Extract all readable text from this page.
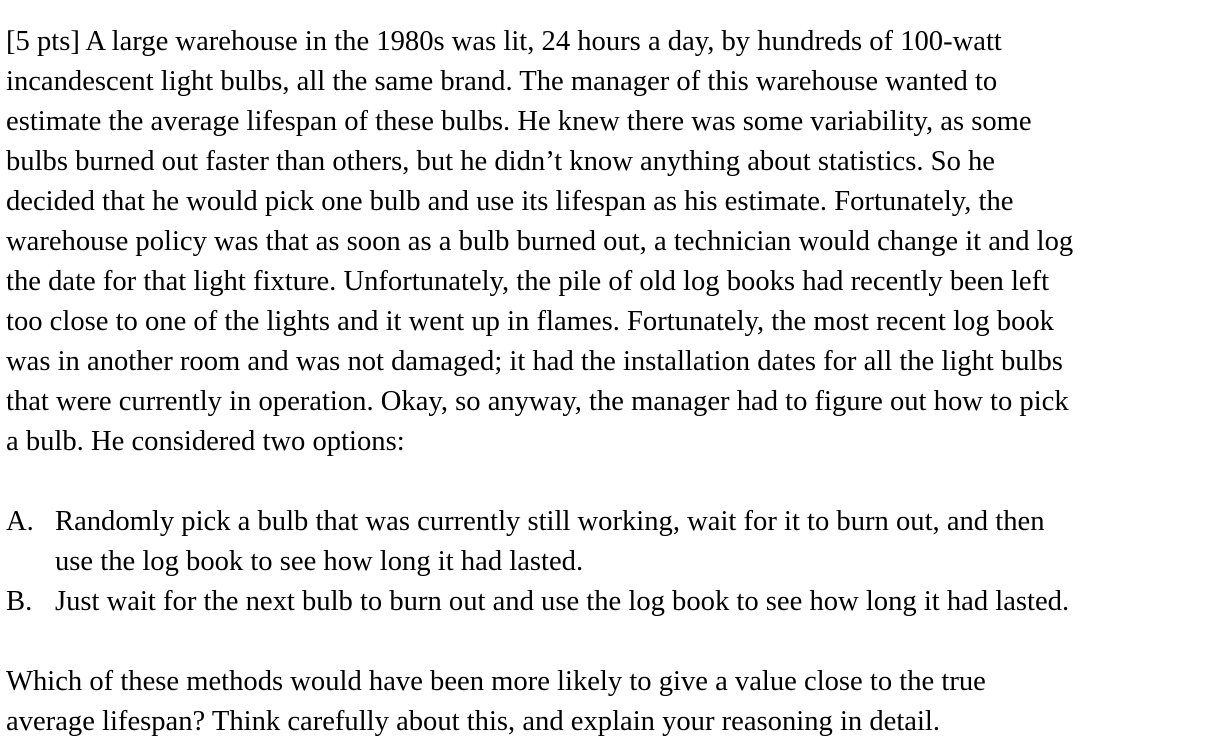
[5 pts] A large warehouse in the 1980s was lit, 24 hours a day, by hundreds of 100-watt
incandescent light bulbs, all the same brand. The manager of this warehouse wanted to
estimate the average lifespan of these bulbs. He knew there was some variability, as some
bulbs burned out faster than others, but he didn’t know anything about statistics. So he
decided that he would pick one bulb and use its lifespan as his estimate. Fortunately, the
warehouse policy was that as soon as a bulb burned out, a technician would change it and log
the date for that light fixture. Unfortunately, the pile of old log books had recently been left
too close to one of the lights and it went up in flames. Fortunately, the most recent log book
was in another room and was not damaged; it had the installation dates for all the light bulbs
that were currently in operation. Okay, so anyway, the manager had to figure out how to pick
a bulb. He considered two options:
A. Randomly pick a bulb that was currently still working, wait for it to burn out, and then
use the log book to see how long it had lasted.
B. Just wait for the next bulb to burn out and use the log book to see how long it had lasted.
Which of these methods would have been more likely to give a value close to the true
average lifespan? Think carefully about this, and explain your reasoning in detail.
